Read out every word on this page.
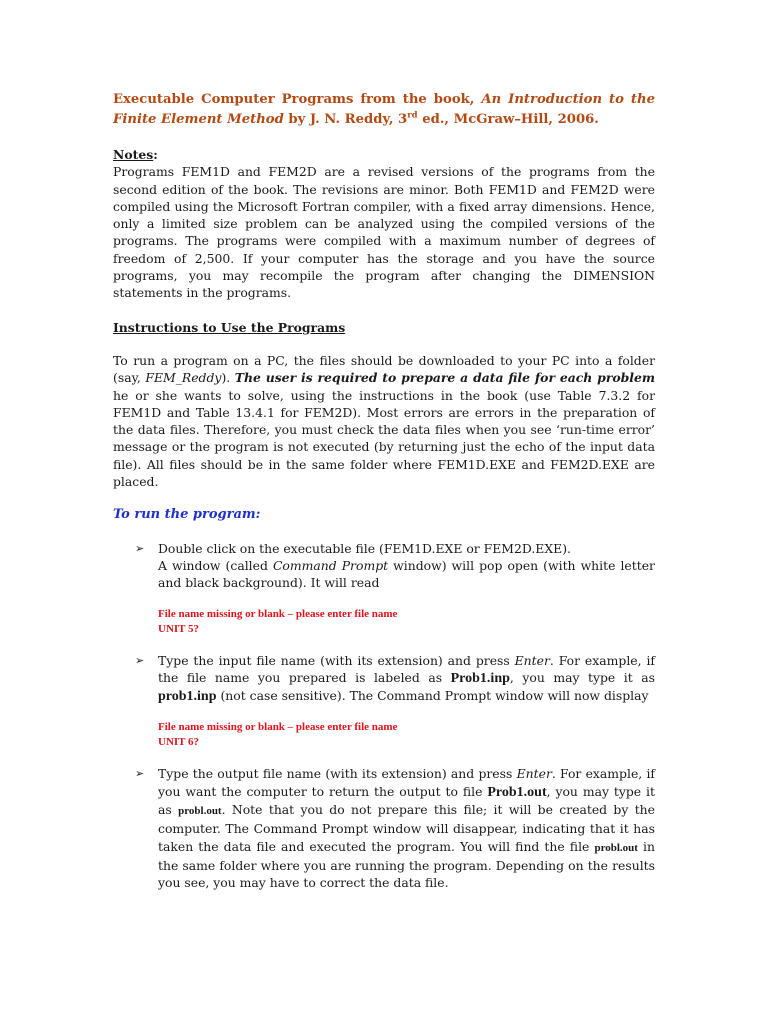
Executable Computer Programs from the book, An Introduction to the Finite Element Method by J. N. Reddy, 3rd ed., McGraw–Hill, 2006.

Notes:
Programs FEM1D and FEM2D are a revised versions of the programs from the second edition of the book. The revisions are minor. Both FEM1D and FEM2D were compiled using the Microsoft Fortran compiler, with a fixed array dimensions. Hence, only a limited size problem can be analyzed using the compiled versions of the programs. The programs were compiled with a maximum number of degrees of freedom of 2,500. If your computer has the storage and you have the source programs, you may recompile the program after changing the DIMENSION statements in the programs.

Instructions to Use the Programs

To run a program on a PC, the files should be downloaded to your PC into a folder (say, FEM_Reddy). The user is required to prepare a data file for each problem he or she wants to solve, using the instructions in the book (use Table 7.3.2 for FEM1D and Table 13.4.1 for FEM2D). Most errors are errors in the preparation of the data files. Therefore, you must check the data files when you see ‘run-time error’ message or the program is not executed (by returning just the echo of the input data file). All files should be in the same folder where FEM1D.EXE and FEM2D.EXE are placed.

To run the program:
➢ Double click on the executable file (FEM1D.EXE or FEM2D.EXE).
A window (called Command Prompt window) will pop open (with white letter and black background). It will read

File name missing or blank – please enter file name
UNIT 5?
➢ Type the input file name (with its extension) and press Enter. For example, if the file name you prepared is labeled as Prob1.inp, you may type it as prob1.inp (not case sensitive). The Command Prompt window will now display

File name missing or blank – please enter file name
UNIT 6?
➢ Type the output file name (with its extension) and press Enter. For example, if you want the computer to return the output to file Prob1.out, you may type it as probl.out. Note that you do not prepare this file; it will be created by the computer. The Command Prompt window will disappear, indicating that it has taken the data file and executed the program. You will find the file probl.out in the same folder where you are running the program. Depending on the results you see, you may have to correct the data file.
